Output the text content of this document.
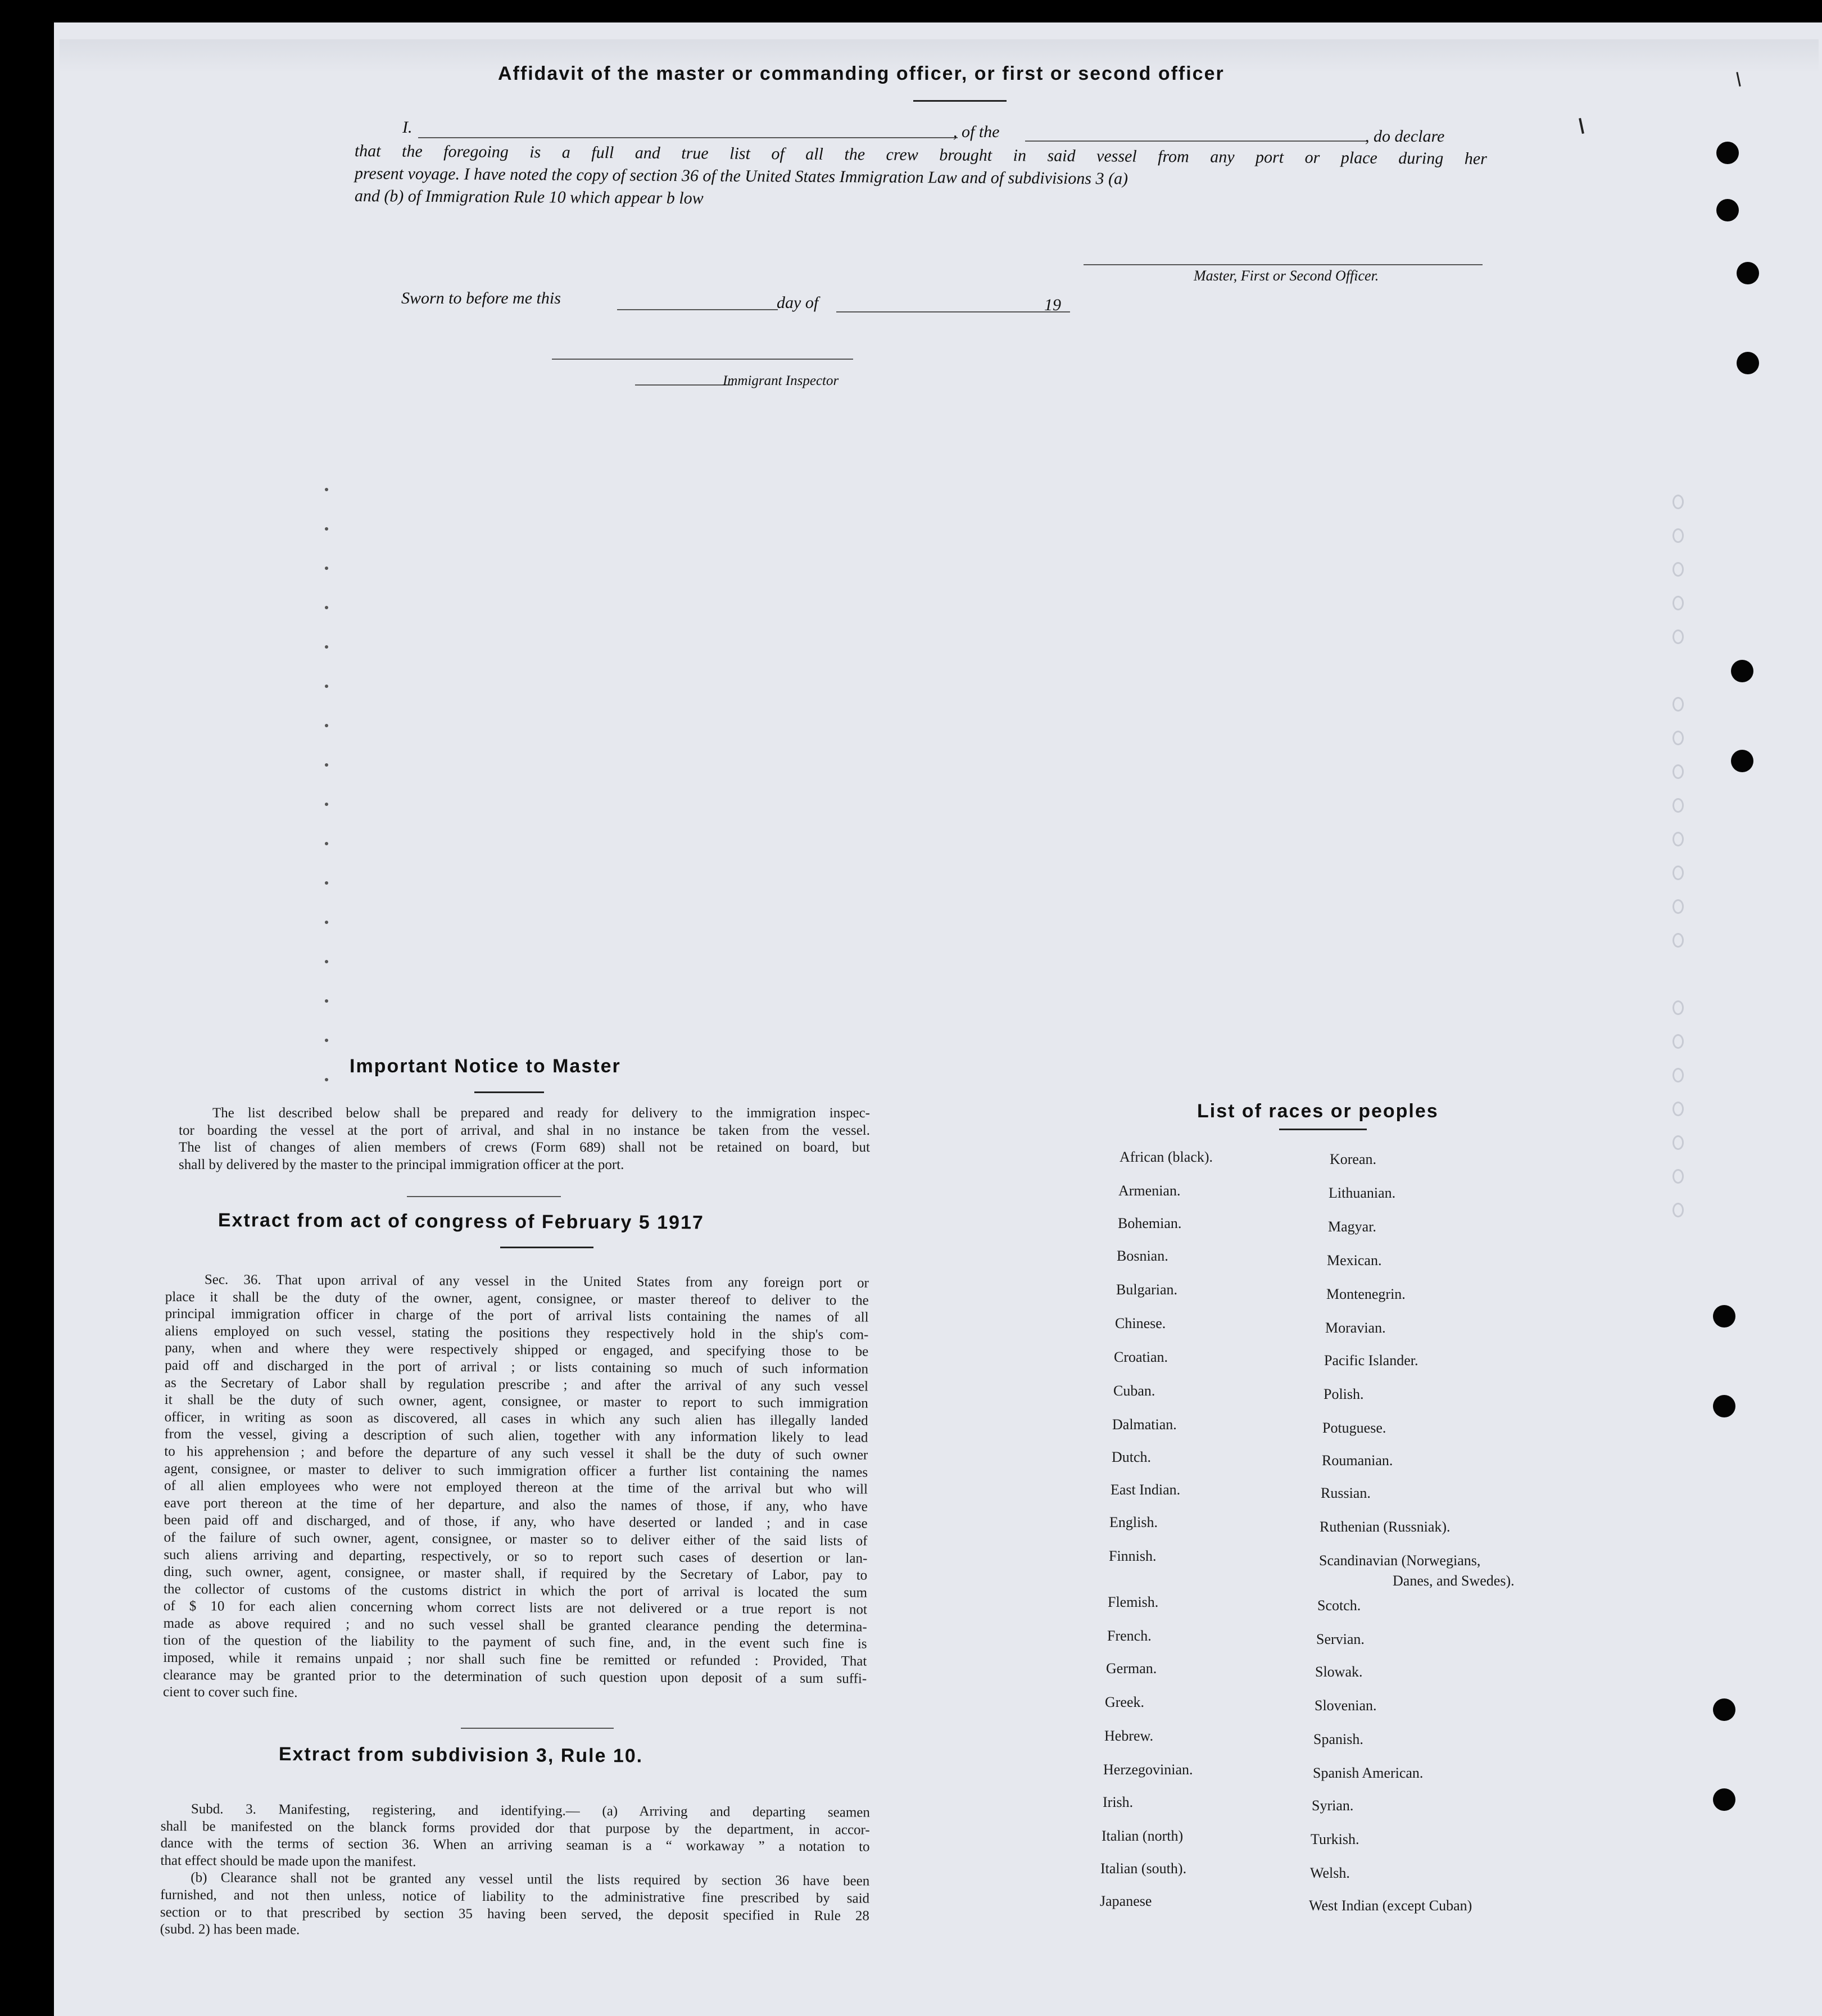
Affidavit of the master or commanding officer, or first or second officer
I.	, of the	, do declare
that the foregoing is a full and true list of all the crew brought in said vessel from any port or place during her
present voyage. I have noted the copy of section 36 of the United States Immigration Law and of subdivisions 3 (a)
and (b) of Immigration Rule 10 which appear b low
Master, First or Second Officer.
Sworn to before me this	day of	19
Immigrant Inspector
Important Notice to Master
The list described below shall be prepared and ready for delivery to the immigration inspec-
tor boarding the vessel at the port of arrival, and shal in no instance be taken from the vessel.
The list of changes of alien members of crews (Form 689) shall not be retained on board, but
shall by delivered by the master to the principal immigration officer at the port.
Extract from act of congress of February 5 1917
Sec. 36. That upon arrival of any vessel in the United States from any foreign port or
place it shall be the duty of the owner, agent, consignee, or master thereof to deliver to the
principal immigration officer in charge of the port of arrival lists containing the names of all
aliens employed on such vessel, stating the positions they respectively hold in the ship's com-
pany, when and where they were respectively shipped or engaged, and specifying those to be
paid off and discharged in the port of arrival ; or lists containing so much of such information
as the Secretary of Labor shall by regulation prescribe ; and after the arrival of any such vessel
it shall be the duty of such owner, agent, consignee, or master to report to such immigration
officer, in writing as soon as discovered, all cases in which any such alien has illegally landed
from the vessel, giving a description of such alien, together with any information likely to lead
to his apprehension ; and before the departure of any such vessel it shall be the duty of such owner
agent, consignee, or master to deliver to such immigration officer a further list containing the names
of all alien employees who were not employed thereon at the time of the arrival but who will
eave port thereon at the time of her departure, and also the names of those, if any, who have
been paid off and discharged, and of those, if any, who have deserted or landed ; and in case
of the failure of such owner, agent, consignee, or master so to deliver either of the said lists of
such aliens arriving and departing, respectively, or so to report such cases of desertion or lan-
ding, such owner, agent, consignee, or master shall, if required by the Secretary of Labor, pay to
the collector of customs of the customs district in which the port of arrival is located the sum
of $ 10 for each alien concerning whom correct lists are not delivered or a true report is not
made as above required ; and no such vessel shall be granted clearance pending the determina-
tion of the question of the liability to the payment of such fine, and, in the event such fine is
imposed, while it remains unpaid ; nor shall such fine be remitted or refunded : Provided, That
clearance may be granted prior to the determination of such question upon deposit of a sum suffi-
cient to cover such fine.
Extract from subdivision 3, Rule 10.
Subd. 3. Manifesting, registering, and identifying.— (a) Arriving and departing seamen
shall be manifested on the blanck forms provided dor that purpose by the department, in accor-
dance with the terms of section 36. When an arriving seaman is a “ workaway ” a notation to
that effect should be made upon the manifest.
(b) Clearance shall not be granted any vessel until the lists required by section 36 have been
furnished, and not then unless, notice of liability to the administrative fine prescribed by said
section or to that prescribed by section 35 having been served, the deposit specified in Rule 28
(subd. 2) has been made.
List of races or peoples
African (black).
Armenian.
Bohemian.
Bosnian.
Bulgarian.
Chinese.
Croatian.
Cuban.
Dalmatian.
Dutch.
East Indian.
English.
Finnish.
Flemish.
French.
German.
Greek.
Hebrew.
Herzegovinian.
Irish.
Italian (north)
Italian (south).
Japanese
Korean.
Lithuanian.
Magyar.
Mexican.
Montenegrin.
Moravian.
Pacific Islander.
Polish.
Potuguese.
Roumanian.
Russian.
Ruthenian (Russniak).
Scandinavian (Norwegians,
Danes, and Swedes).
Scotch.
Servian.
Slowak.
Slovenian.
Spanish.
Spanish American.
Syrian.
Turkish.
Welsh.
West Indian (except Cuban)
